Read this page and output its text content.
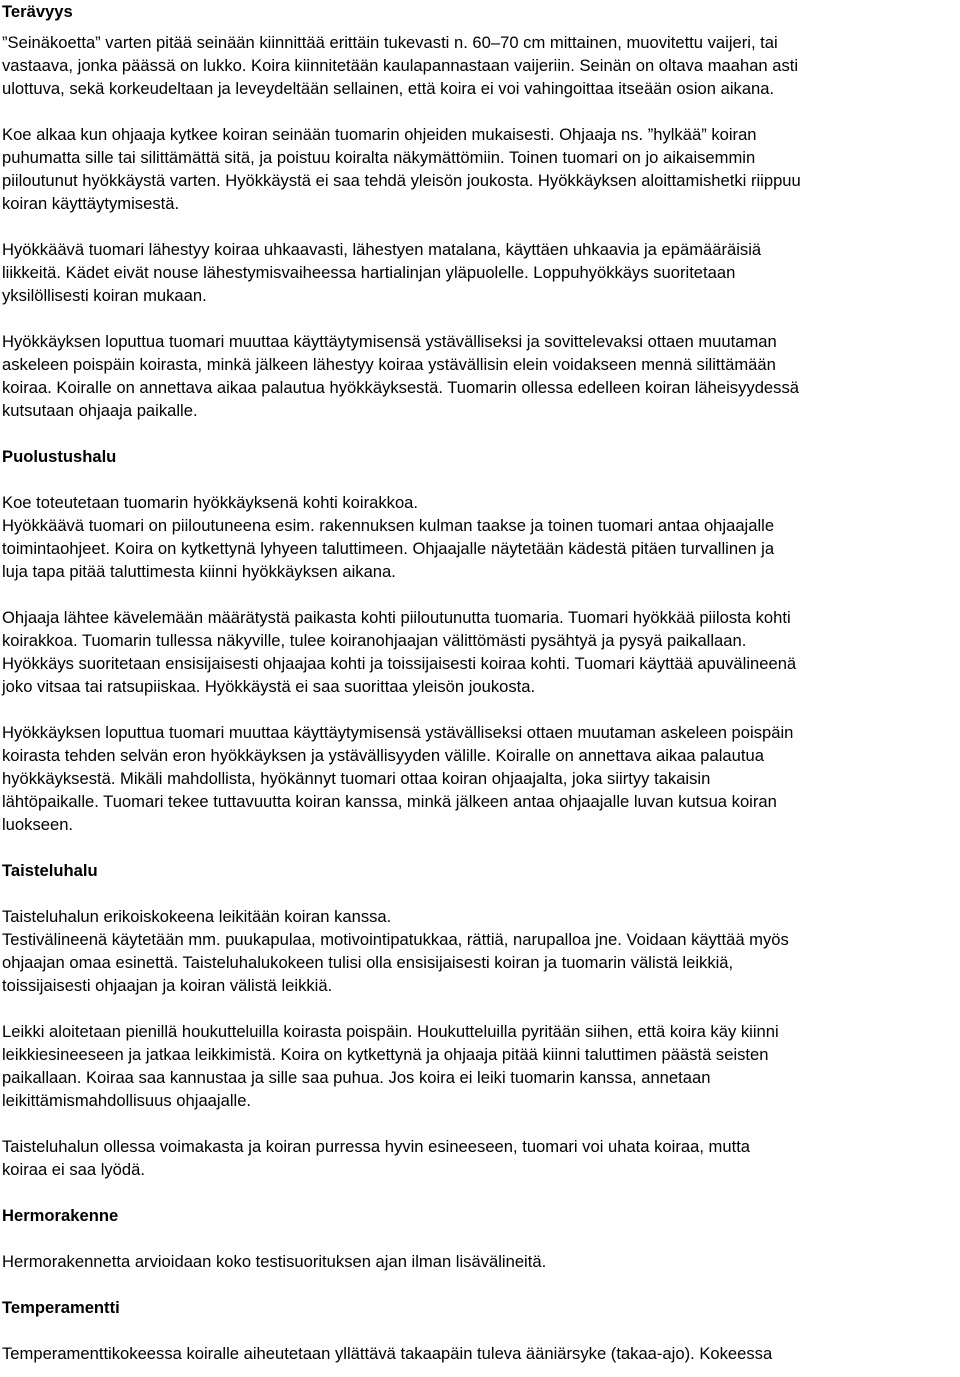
Terävyys
”Seinäkoetta” varten pitää seinään kiinnittää erittäin tukevasti n. 60–70 cm mittainen, muovitettu vaijeri, tai
vastaava, jonka päässä on lukko. Koira kiinnitetään kaulapannastaan vaijeriin. Seinän on oltava maahan asti
ulottuva, sekä korkeudeltaan ja leveydeltään sellainen, että koira ei voi vahingoittaa itseään osion aikana.
Koe alkaa kun ohjaaja kytkee koiran seinään tuomarin ohjeiden mukaisesti. Ohjaaja ns. ”hylkää” koiran
puhumatta sille tai silittämättä sitä, ja poistuu koiralta näkymättömiin. Toinen tuomari on jo aikaisemmin
piiloutunut hyökkäystä varten. Hyökkäystä ei saa tehdä yleisön joukosta. Hyökkäyksen aloittamishetki riippuu
koiran käyttäytymisestä.
Hyökkäävä tuomari lähestyy koiraa uhkaavasti, lähestyen matalana, käyttäen uhkaavia ja epämääräisiä
liikkeitä. Kädet eivät nouse lähestymisvaiheessa hartialinjan yläpuolelle. Loppuhyökkäys suoritetaan
yksilöllisesti koiran mukaan.
Hyökkäyksen loputtua tuomari muuttaa käyttäytymisensä ystävälliseksi ja sovittelevaksi ottaen muutaman
askeleen poispäin koirasta, minkä jälkeen lähestyy koiraa ystävällisin elein voidakseen mennä silittämään
koiraa. Koiralle on annettava aikaa palautua hyökkäyksestä. Tuomarin ollessa edelleen koiran läheisyydessä
kutsutaan ohjaaja paikalle.
Puolustushalu
Koe toteutetaan tuomarin hyökkäyksenä kohti koirakkoa.
Hyökkäävä tuomari on piiloutuneena esim. rakennuksen kulman taakse ja toinen tuomari antaa ohjaajalle
toimintaohjeet. Koira on kytkettynä lyhyeen taluttimeen. Ohjaajalle näytetään kädestä pitäen turvallinen ja
luja tapa pitää taluttimesta kiinni hyökkäyksen aikana.
Ohjaaja lähtee kävelemään määrätystä paikasta kohti piiloutunutta tuomaria. Tuomari hyökkää piilosta kohti
koirakkoa. Tuomarin tullessa näkyville, tulee koiranohjaajan välittömästi pysähtyä ja pysyä paikallaan.
Hyökkäys suoritetaan ensisijaisesti ohjaajaa kohti ja toissijaisesti koiraa kohti. Tuomari käyttää apuvälineenä
joko vitsaa tai ratsupiiskaa. Hyökkäystä ei saa suorittaa yleisön joukosta.
Hyökkäyksen loputtua tuomari muuttaa käyttäytymisensä ystävälliseksi ottaen muutaman askeleen poispäin
koirasta tehden selvän eron hyökkäyksen ja ystävällisyyden välille. Koiralle on annettava aikaa palautua
hyökkäyksestä. Mikäli mahdollista, hyökännyt tuomari ottaa koiran ohjaajalta, joka siirtyy takaisin
lähtöpaikalle. Tuomari tekee tuttavuutta koiran kanssa, minkä jälkeen antaa ohjaajalle luvan kutsua koiran
luokseen.
Taisteluhalu
Taisteluhalun erikoiskokeena leikitään koiran kanssa.
Testivälineenä käytetään mm. puukapulaa, motivointipatukkaa, rättiä, narupalloa jne. Voidaan käyttää myös
ohjaajan omaa esinettä. Taisteluhalukokeen tulisi olla ensisijaisesti koiran ja tuomarin välistä leikkiä,
toissijaisesti ohjaajan ja koiran välistä leikkiä.
Leikki aloitetaan pienillä houkutteluilla koirasta poispäin. Houkutteluilla pyritään siihen, että koira käy kiinni
leikkiesineeseen ja jatkaa leikkimistä. Koira on kytkettynä ja ohjaaja pitää kiinni taluttimen päästä seisten
paikallaan. Koiraa saa kannustaa ja sille saa puhua. Jos koira ei leiki tuomarin kanssa, annetaan
leikittämismahdollisuus ohjaajalle.
Taisteluhalun ollessa voimakasta ja koiran purressa hyvin esineeseen, tuomari voi uhata koiraa, mutta
koiraa ei saa lyödä.
Hermorakenne
Hermorakennetta arvioidaan koko testisuorituksen ajan ilman lisävälineitä.
Temperamentti
Temperamenttikokeessa koiralle aiheutetaan yllättävä takaapäin tuleva ääniärsyke (takaa-ajo). Kokeessa
